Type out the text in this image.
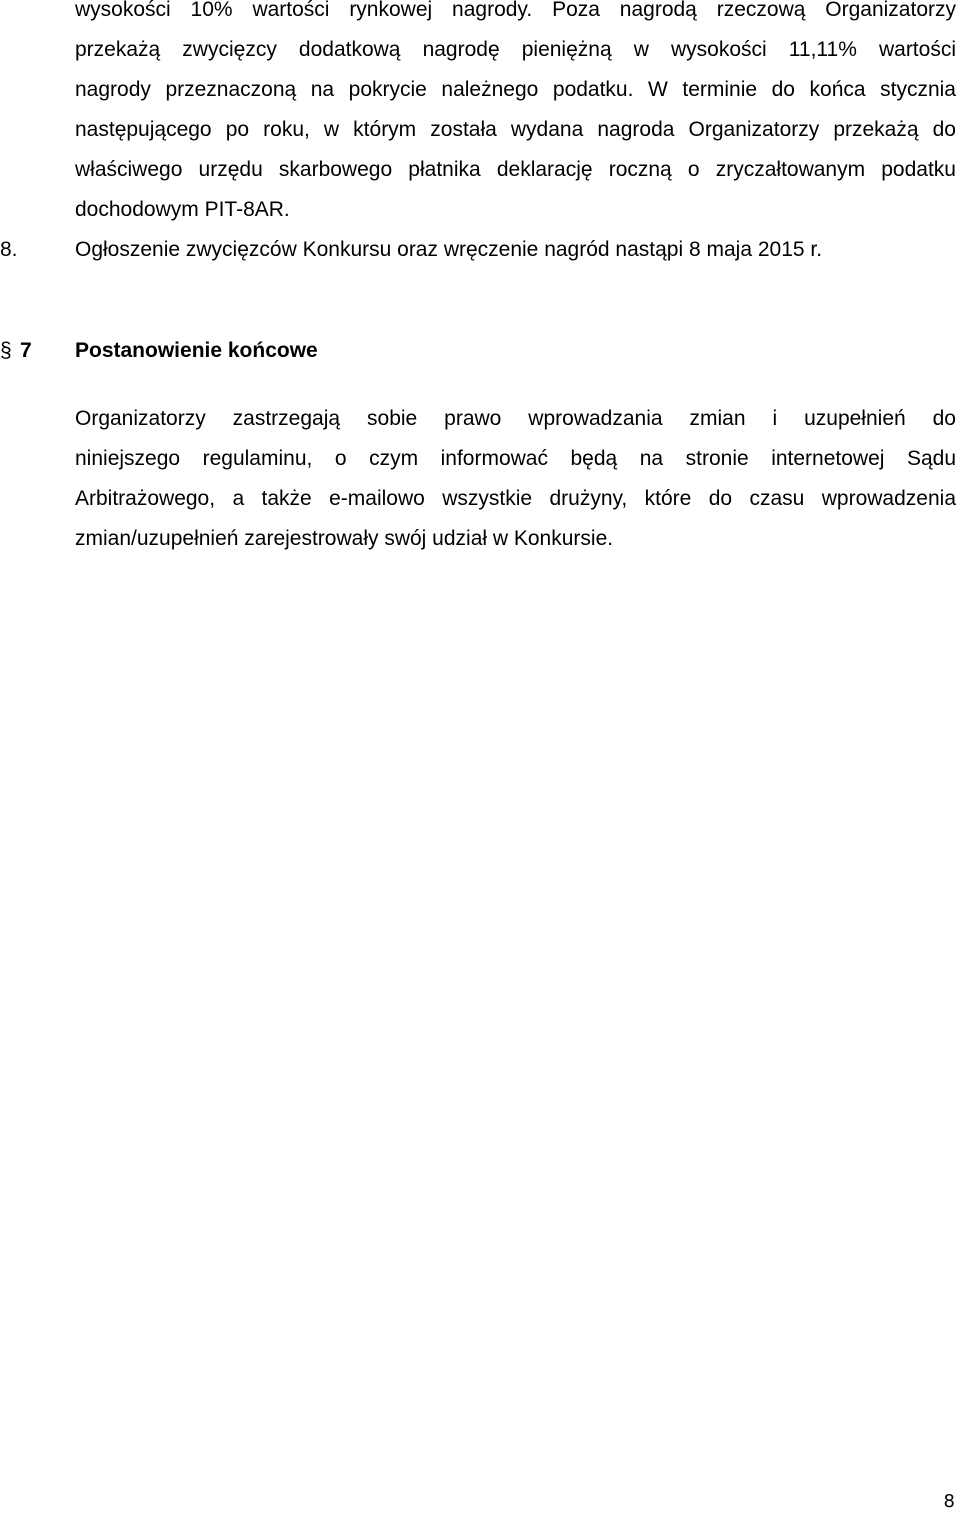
wysokości 10% wartości rynkowej nagrody. Poza nagrodą rzeczową Organizatorzy
przekażą zwycięzcy dodatkową nagrodę pieniężną w wysokości 11,11% wartości
nagrody przeznaczoną na pokrycie należnego podatku. W terminie do końca stycznia
następującego po roku, w którym została wydana nagroda Organizatorzy przekażą do
właściwego urzędu skarbowego płatnika deklarację roczną o zryczałtowanym podatku
dochodowym PIT-8AR.
8.	Ogłoszenie zwycięzców Konkursu oraz wręczenie nagród nastąpi 8 maja 2015 r.
§ 7 Postanowienie końcowe
Organizatorzy zastrzegają sobie prawo wprowadzania zmian i uzupełnień do
niniejszego regulaminu, o czym informować będą na stronie internetowej Sądu
Arbitrażowego, a także e-mailowo wszystkie drużyny, które do czasu wprowadzenia
zmian/uzupełnień zarejestrowały swój udział w Konkursie.
8
